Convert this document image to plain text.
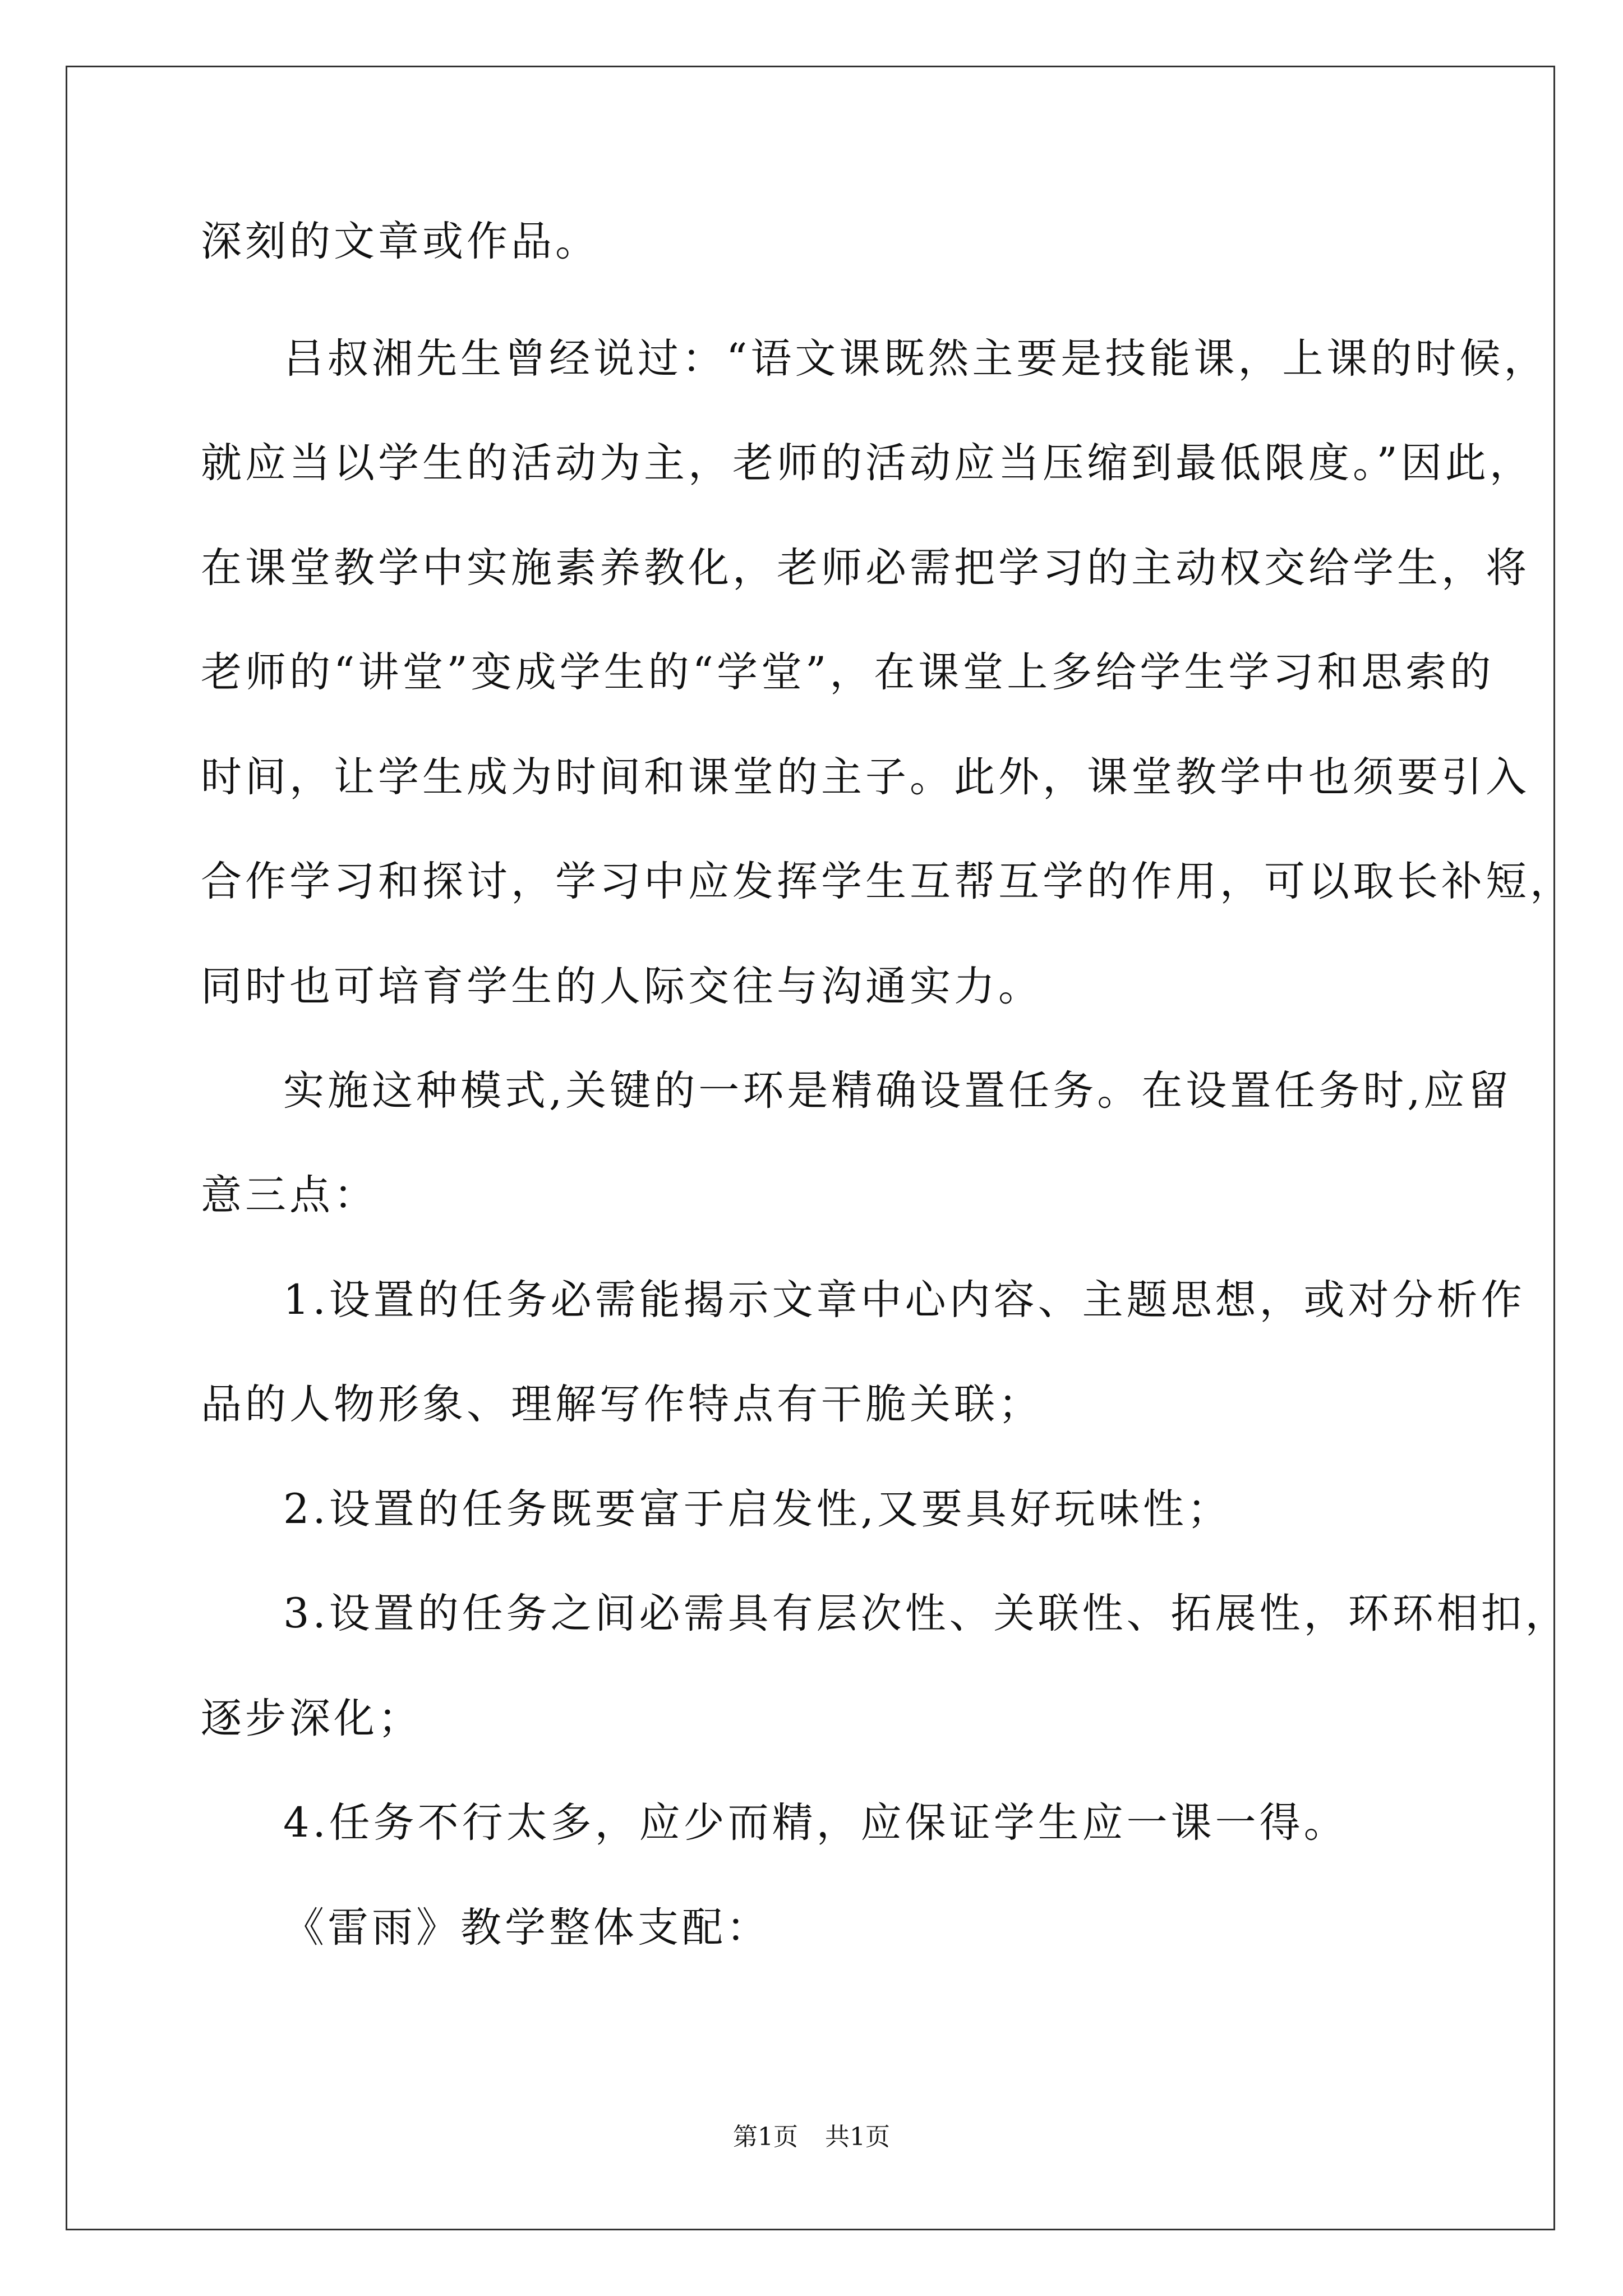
深刻的文章或作品。
吕叔湘先生曾经说过：“语文课既然主要是技能课，上课的时候，
就应当以学生的活动为主，老师的活动应当压缩到最低限度。”因此，
在课堂教学中实施素养教化，老师必需把学习的主动权交给学生，将
老师的“讲堂”变成学生的“学堂”，在课堂上多给学生学习和思索的
时间，让学生成为时间和课堂的主子。此外，课堂教学中也须要引入
合作学习和探讨，学习中应发挥学生互帮互学的作用，可以取长补短，
同时也可培育学生的人际交往与沟通实力。
实施这种模式,关键的一环是精确设置任务。在设置任务时,应留
意三点：
1.设置的任务必需能揭示文章中心内容、主题思想，或对分析作
品的人物形象、理解写作特点有干脆关联；
2.设置的任务既要富于启发性,又要具好玩味性；
3.设置的任务之间必需具有层次性、关联性、拓展性，环环相扣，
逐步深化；
4.任务不行太多，应少而精，应保证学生应一课一得。
《雷雨》教学整体支配：
第1页 共1页
